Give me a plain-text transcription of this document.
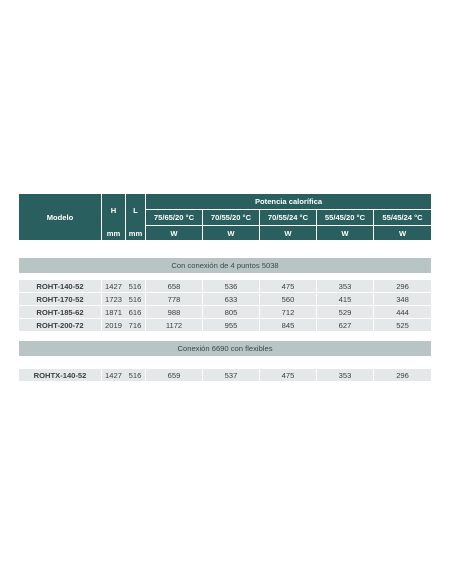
Modelo	H	L	Potencia calorífica				
			75/65/20 °C	70/55/20 °C	70/55/24 °C	55/45/20 °C	55/45/24 °C
	mm	mm	W	W	W	W	W

Con conexión de 4 puntos 5038							

ROHT-140-52	1427	516	658	536	475	353	296
ROHT-170-52	1723	516	778	633	560	415	348
ROHT-185-62	1871	616	988	805	712	529	444
ROHT-200-72	2019	716	1172	955	845	627	525

Conexión 6690 con flexibles							

ROHTX-140-52	1427	516	659	537	475	353	296
